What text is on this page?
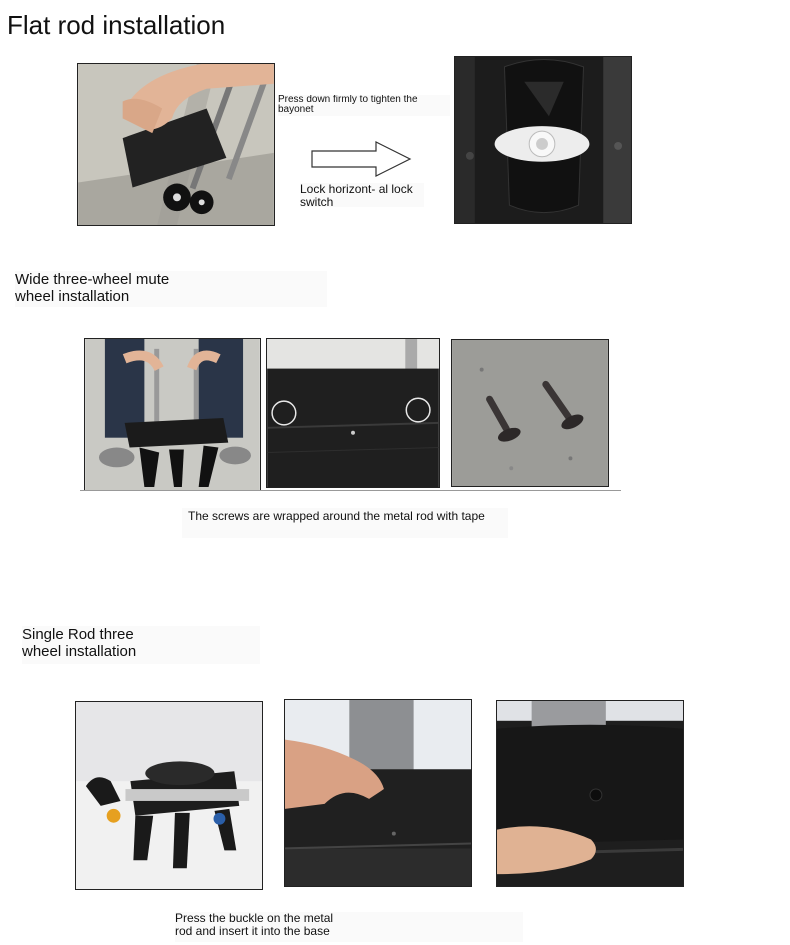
Flat rod installation
Press down firmly to tighten the bayonet
Lock horizont- al lock switch
Wide three-wheel mute
wheel installation
The screws are wrapped around the metal rod with tape
Single Rod three
wheel installation
Press the buckle on the metal
rod and insert it into the base
